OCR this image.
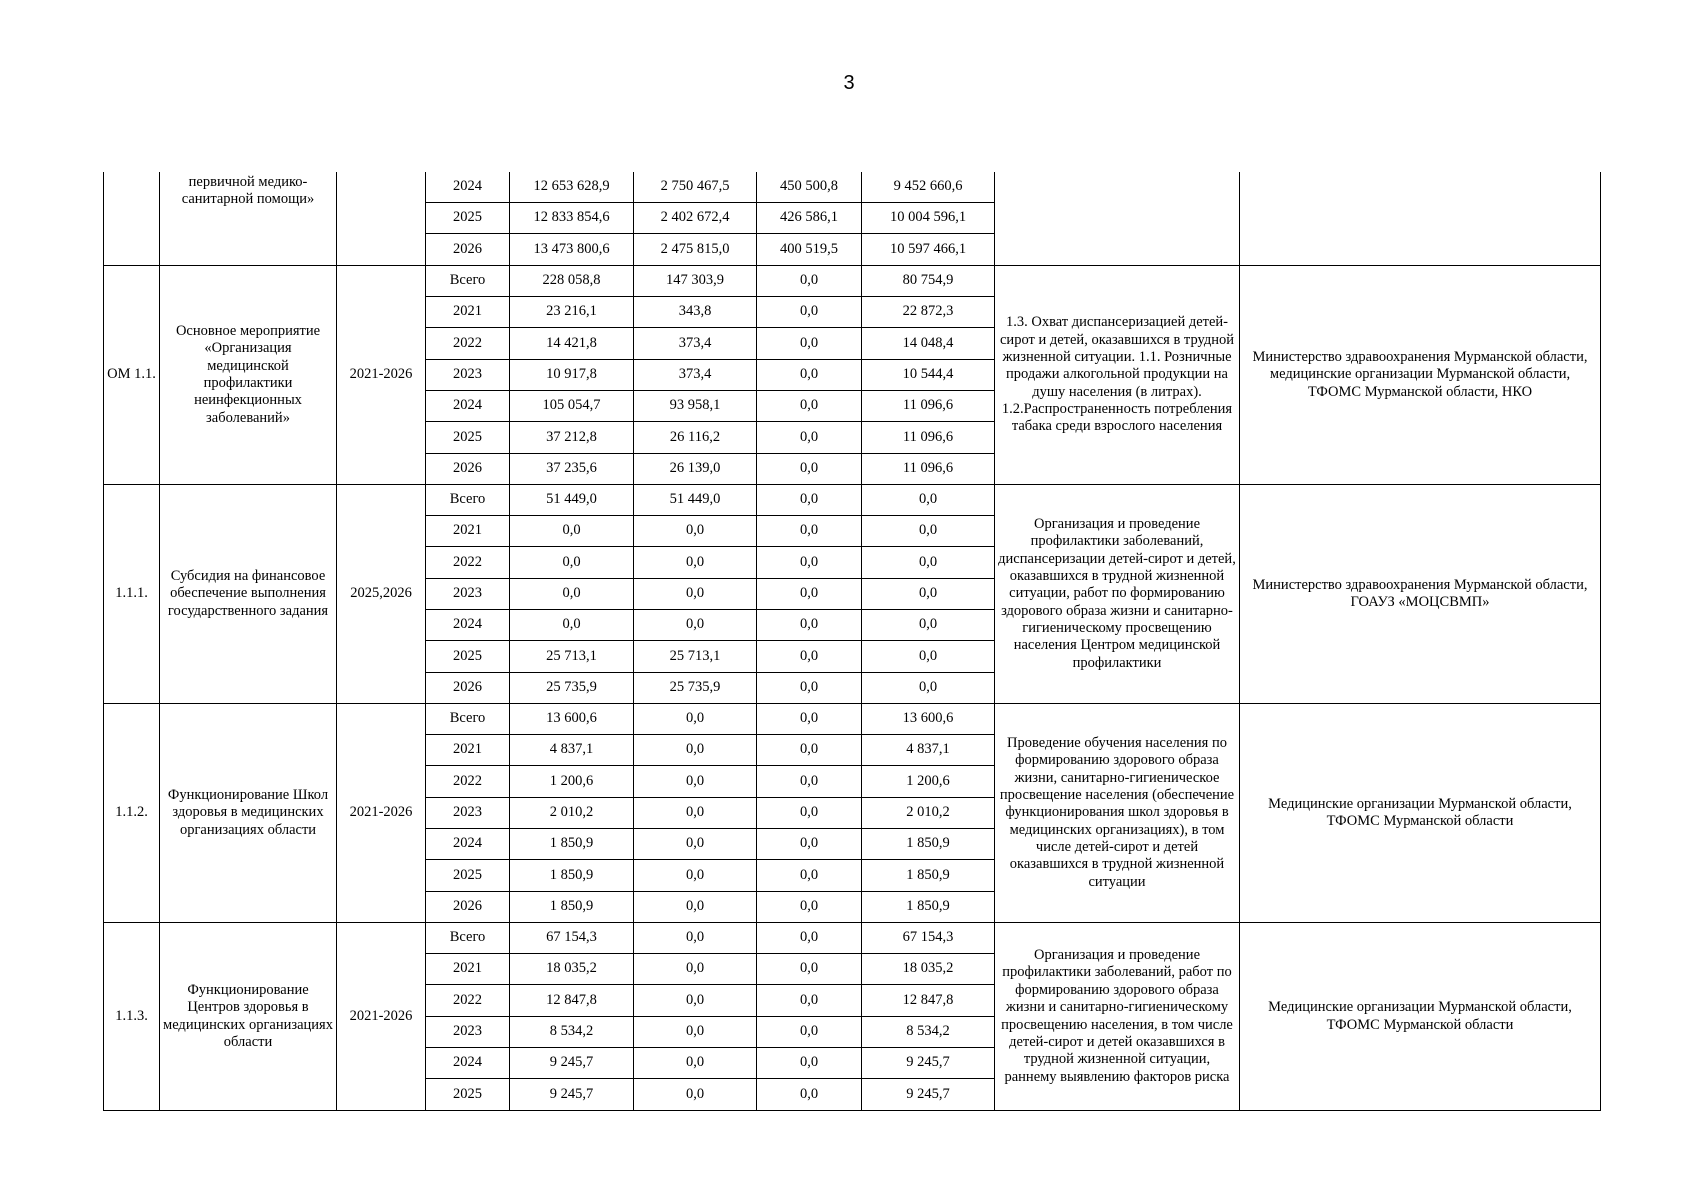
3
	первичной медико-санитарной помощи»		2024	12 653 628,9	2 750 467,5	450 500,8	9 452 660,6		
			2025	12 833 854,6	2 402 672,4	426 586,1	10 004 596,1		
			2026	13 473 800,6	2 475 815,0	400 519,5	10 597 466,1		
ОМ 1.1.	Основное мероприятие «Организация медицинской профилактики неинфекционных заболеваний»	2021-2026	Всего	228 058,8	147 303,9	0,0	80 754,9	1.3. Охват диспансеризацией детей-сирот и детей, оказавшихся в трудной жизненной ситуации. 1.1. Розничные продажи алкогольной продукции на душу населения (в литрах). 1.2.Распространенность потребления табака среди взрослого населения	Министерство здравоохранения Мурманской области, медицинские организации Мурманской области, ТФОМС Мурманской области, НКО
			2021	23 216,1	343,8	0,0	22 872,3		
			2022	14 421,8	373,4	0,0	14 048,4		
			2023	10 917,8	373,4	0,0	10 544,4		
			2024	105 054,7	93 958,1	0,0	11 096,6		
			2025	37 212,8	26 116,2	0,0	11 096,6		
			2026	37 235,6	26 139,0	0,0	11 096,6		
1.1.1.	Субсидия на финансовое обеспечение выполнения государственного задания	2025,2026	Всего	51 449,0	51 449,0	0,0	0,0	Организация и проведение профилактики заболеваний, диспансеризации детей-сирот и детей, оказавшихся в трудной жизненной ситуации, работ по формированию здорового образа жизни и санитарно-гигиеническому просвещению населения Центром медицинской профилактики	Министерство здравоохранения Мурманской области, ГОАУЗ «МОЦСВМП»
			2021	0,0	0,0	0,0	0,0		
			2022	0,0	0,0	0,0	0,0		
			2023	0,0	0,0	0,0	0,0		
			2024	0,0	0,0	0,0	0,0		
			2025	25 713,1	25 713,1	0,0	0,0		
			2026	25 735,9	25 735,9	0,0	0,0		
1.1.2.	Функционирование Школ здоровья в медицинских организациях области	2021-2026	Всего	13 600,6	0,0	0,0	13 600,6	Проведение обучения населения по формированию здорового образа жизни, санитарно-гигиеническое просвещение населения (обеспечение функционирования школ здоровья в медицинских организациях), в том числе детей-сирот и детей оказавшихся в трудной жизненной ситуации	Медицинские организации Мурманской области, ТФОМС Мурманской области
			2021	4 837,1	0,0	0,0	4 837,1		
			2022	1 200,6	0,0	0,0	1 200,6		
			2023	2 010,2	0,0	0,0	2 010,2		
			2024	1 850,9	0,0	0,0	1 850,9		
			2025	1 850,9	0,0	0,0	1 850,9		
			2026	1 850,9	0,0	0,0	1 850,9		
1.1.3.	Функционирование Центров здоровья в медицинских организациях области	2021-2026	Всего	67 154,3	0,0	0,0	67 154,3	Организация и проведение профилактики заболеваний, работ по формированию здорового образа жизни и санитарно-гигиеническому просвещению населения, в том числе детей-сирот и детей оказавшихся в трудной жизненной ситуации, раннему выявлению факторов риска	Медицинские организации Мурманской области, ТФОМС Мурманской области
			2021	18 035,2	0,0	0,0	18 035,2		
			2022	12 847,8	0,0	0,0	12 847,8		
			2023	8 534,2	0,0	0,0	8 534,2		
			2024	9 245,7	0,0	0,0	9 245,7		
			2025	9 245,7	0,0	0,0	9 245,7		
